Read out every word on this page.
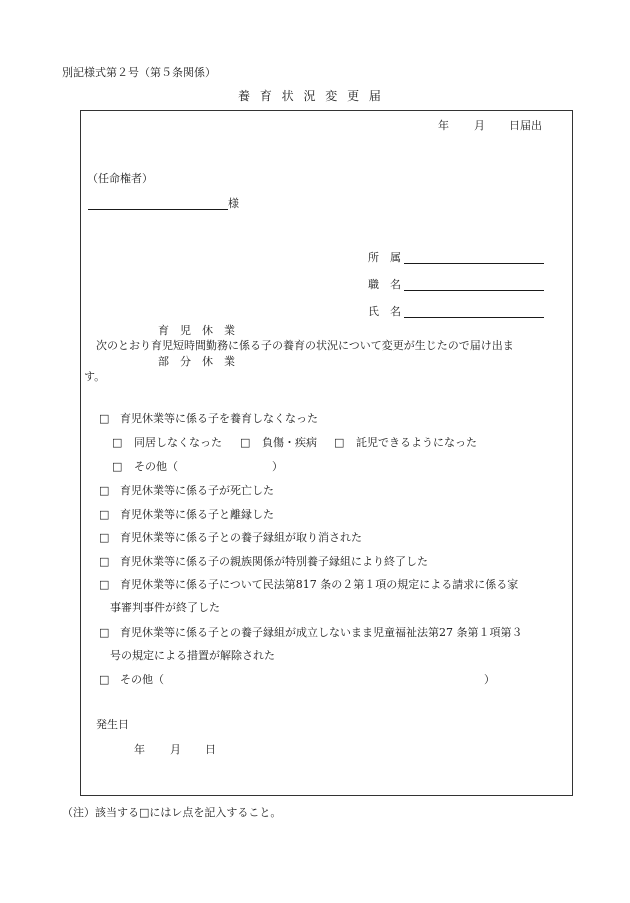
別記様式第２号（第５条関係）
養 育 状 況 変 更 届
年 月 日届出
（任命権者）
様
所　属
職　名
氏　名
育　児　休　業
次のとおり育児短時間勤務に係る子の養育の状況について変更が生じたので届け出ま
部　分　休　業
す。
□ 育児休業等に係る子を養育しなくなった
□ 同居しなくなった □ 負傷・疾病 □ 託児できるようになった
□ その他（	）
□ 育児休業等に係る子が死亡した
□ 育児休業等に係る子と離縁した
□ 育児休業等に係る子との養子縁組が取り消された
□ 育児休業等に係る子の親族関係が特別養子縁組により終了した
□ 育児休業等に係る子について民法第817 条の２第１項の規定による請求に係る家
事審判事件が終了した
□ 育児休業等に係る子との養子縁組が成立しないまま児童福祉法第27 条第１項第３
号の規定による措置が解除された
□ その他（	）
発生日
年 月 日
（注）該当する□にはレ点を記入すること。
